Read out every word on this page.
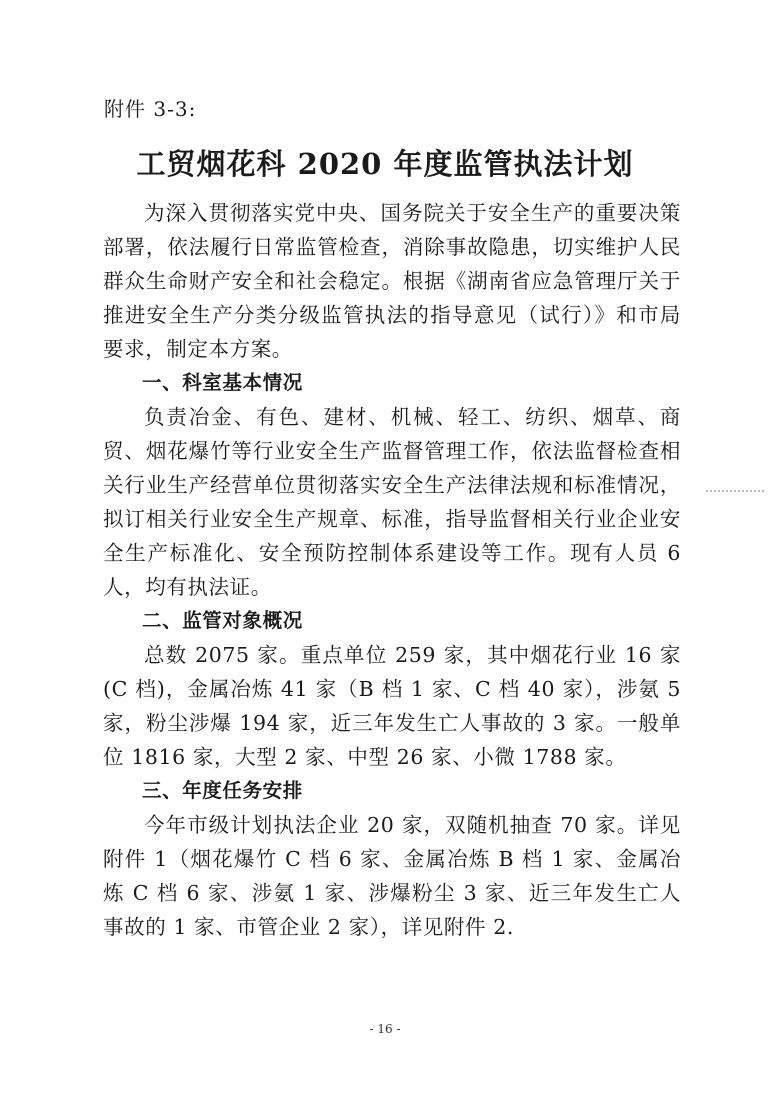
附件 3-3:
工贸烟花科 2020 年度监管执法计划

为深入贯彻落实党中央、国务院关于安全生产的重要决策部署，依法履行日常监管检查，消除事故隐患，切实维护人民群众生命财产安全和社会稳定。根据《湖南省应急管理厅关于推进安全生产分类分级监管执法的指导意见（试行）》和市局要求，制定本方案。

一、科室基本情况

负责冶金、有色、建材、机械、轻工、纺织、烟草、商贸、烟花爆竹等行业安全生产监督管理工作，依法监督检查相关行业生产经营单位贯彻落实安全生产法律法规和标准情况，拟订相关行业安全生产规章、标准，指导监督相关行业企业安全生产标准化、安全预防控制体系建设等工作。现有人员 6 人，均有执法证。

二、监管对象概况

总数 2075 家。重点单位 259 家，其中烟花行业 16 家(C 档)，金属冶炼 41 家（B 档 1 家、C 档 40 家），涉氨 5 家，粉尘涉爆 194 家，近三年发生亡人事故的 3 家。一般单位 1816 家，大型 2 家、中型 26 家、小微 1788 家。

三、年度任务安排

今年市级计划执法企业 20 家，双随机抽查 70 家。详见附件 1（烟花爆竹 C 档 6 家、金属冶炼 B 档 1 家、金属冶炼 C 档 6 家、涉氨 1 家、涉爆粉尘 3 家、近三年发生亡人事故的 1 家、市管企业 2 家），详见附件 2.

- 16 -
